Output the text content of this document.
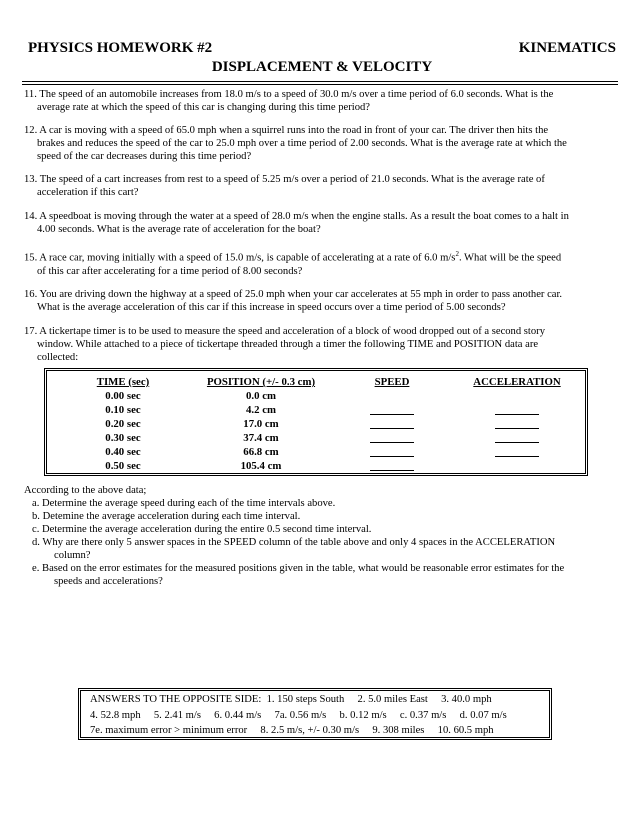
PHYSICS HOMEWORK #2	KINEMATICS
DISPLACEMENT & VELOCITY
11. The speed of an automobile increases from 18.0 m/s to a speed of 30.0 m/s over a time period of 6.0 seconds. What is the
average rate at which the speed of this car is changing during this time period?
12. A car is moving with a speed of 65.0 mph when a squirrel runs into the road in front of your car. The driver then hits the
brakes and reduces the speed of the car to 25.0 mph over a time period of 2.00 seconds. What is the average rate at which the
speed of the car decreases during this time period?
13. The speed of a cart increases from rest to a speed of 5.25 m/s over a period of 21.0 seconds. What is the average rate of
acceleration if this cart?
14. A speedboat is moving through the water at a speed of 28.0 m/s when the engine stalls. As a result the boat comes to a halt in
4.00 seconds. What is the average rate of acceleration for the boat?
15. A race car, moving initially with a speed of 15.0 m/s, is capable of accelerating at a rate of 6.0 $m/s^2$. What will be the speed
of this car after accelerating for a time period of 8.00 seconds?
16. You are driving down the highway at a speed of 25.0 mph when your car accelerates at 55 mph in order to pass another car.
What is the average acceleration of this car if this increase in speed occurs over a time period of 5.00 seconds?
17. A tickertape timer is to be used to measure the speed and acceleration of a block of wood dropped out of a second story
window. While attached to a piece of tickertape threaded through a timer the following TIME and POSITION data are
collected:
TIME (sec)
0.00 sec
0.10 sec
0.20 sec
0.30 sec
0.40 sec
0.50 sec
POSITION (+/- 0.3 cm)
0.0 cm
4.2 cm
17.0 cm
37.4 cm
66.8 cm
105.4 cm
SPEED	ACCELERATION
According to the above data;
a. Determine the average speed during each of the time intervals above.
b. Detemine the average acceleration during each time interval.
c. Determine the average acceleration during the entire 0.5 second time interval.
d. Why are there only 5 answer spaces in the SPEED column of the table above and only 4 spaces in the ACCELERATION
column?
e. Based on the error estimates for the measured positions given in the table, what would be reasonable error estimates for the
speeds and accelerations?
ANSWERS TO THE OPPOSITE SIDE:  1. 150 steps South     2. 5.0 miles East     3. 40.0 mph
4. 52.8 mph     5. 2.41 m/s     6. 0.44 m/s     7a. 0.56 m/s     b. 0.12 m/s     c. 0.37 m/s     d. 0.07 m/s
7e. maximum error > minimum error     8. 2.5 m/s, +/- 0.30 m/s     9. 308 miles     10. 60.5 mph
